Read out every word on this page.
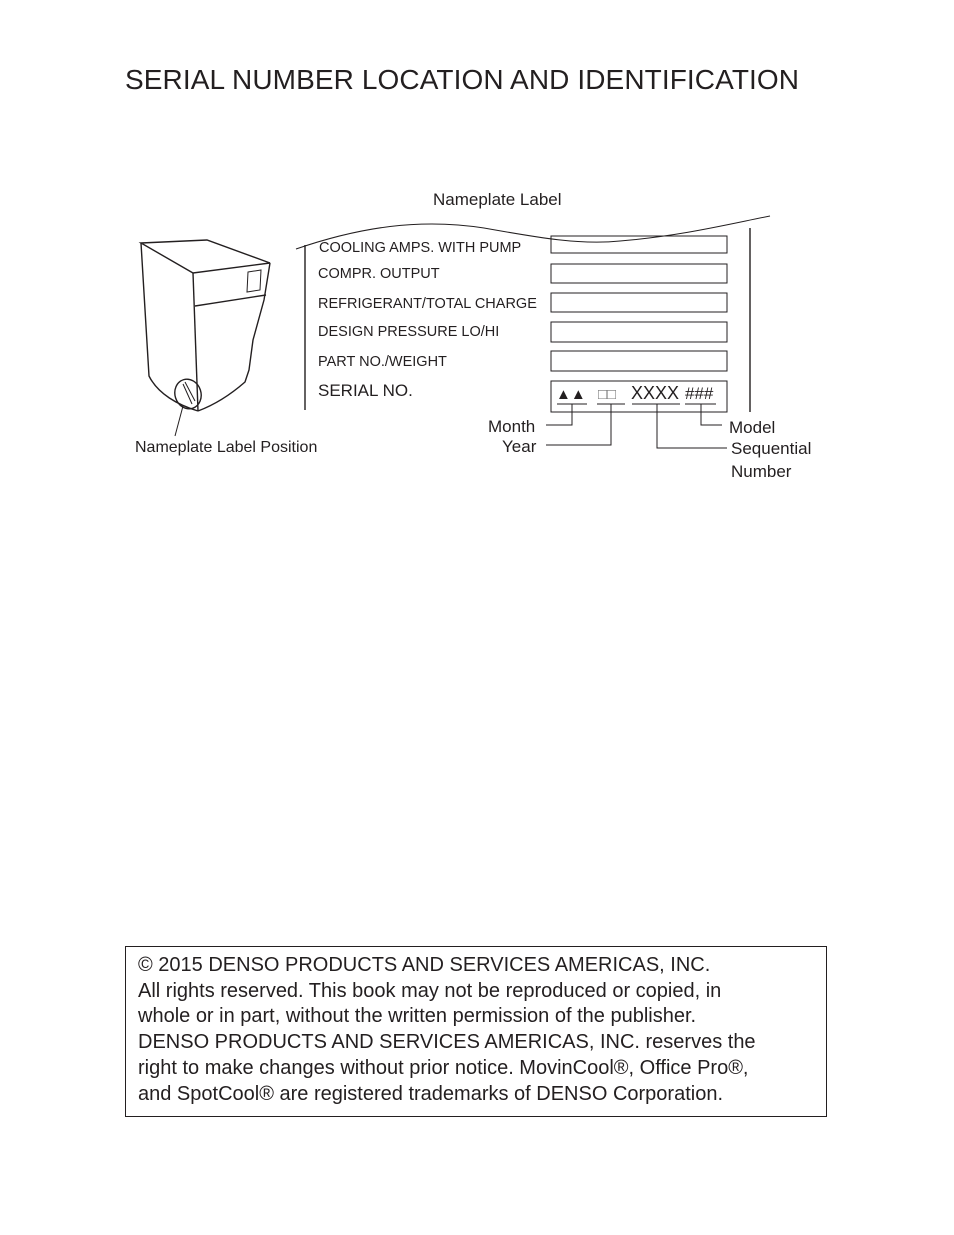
SERIAL NUMBER LOCATION AND IDENTIFICATION
Nameplate Label
COOLING AMPS. WITH PUMP
COMPR. OUTPUT
REFRIGERANT/TOTAL CHARGE
DESIGN PRESSURE LO/HI
PART NO./WEIGHT
SERIAL NO.	▲▲ □□ XXXX ###
Month
Year
Model
Sequential
Number
Nameplate Label Position

© 2015 DENSO PRODUCTS AND SERVICES AMERICAS, INC.

All rights reserved. This book may not be reproduced or copied, in

whole or in part, without the written permission of the publisher.

DENSO PRODUCTS AND SERVICES AMERICAS, INC. reserves the

right to make changes without prior notice. MovinCool®, Office Pro®,

and SpotCool® are registered trademarks of DENSO Corporation.
